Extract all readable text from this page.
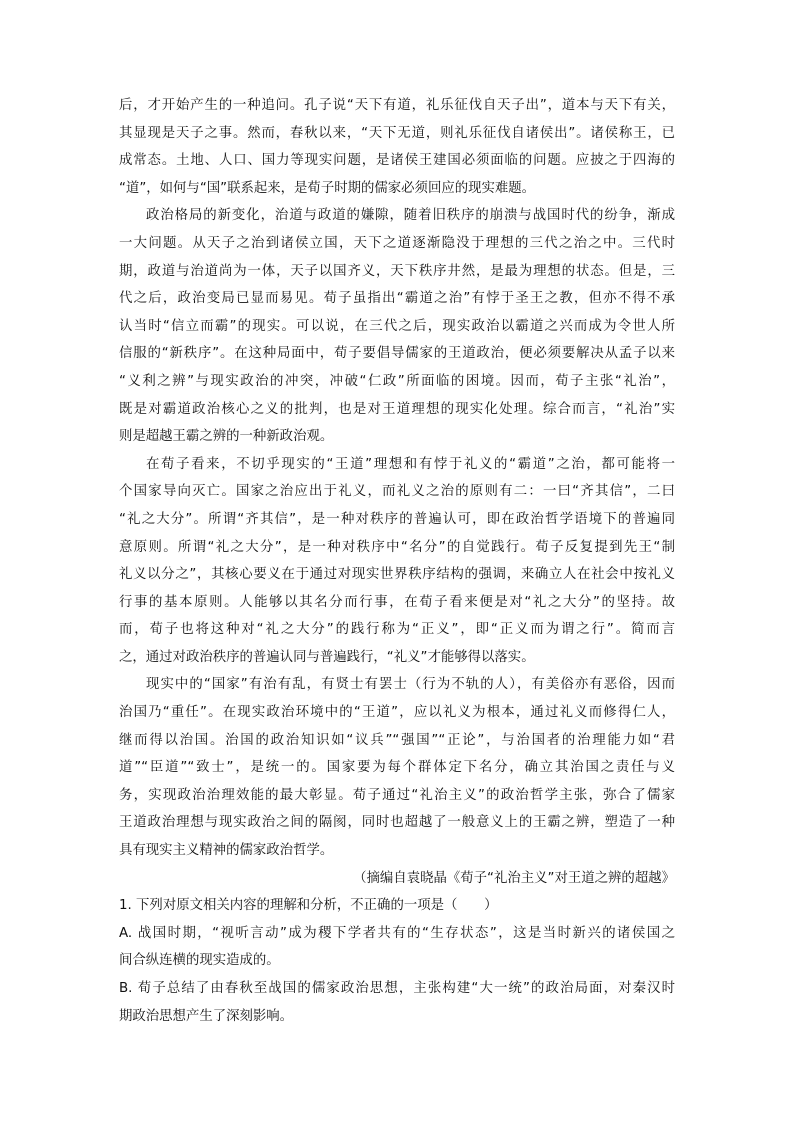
后，才开始产生的一种追问。孔子说“天下有道，礼乐征伐自天子出”，道本与天下有关，
其显现是天子之事。然而，春秋以来，“天下无道，则礼乐征伐自诸侯出”。诸侯称王，已
成常态。土地、人口、国力等现实问题，是诸侯王建国必须面临的问题。应披之于四海的
“道”，如何与“国”联系起来，是荀子时期的儒家必须回应的现实难题。
政治格局的新变化，治道与政道的嫌隙，随着旧秩序的崩溃与战国时代的纷争，渐成
一大问题。从天子之治到诸侯立国，天下之道逐渐隐没于理想的三代之治之中。三代时
期，政道与治道尚为一体，天子以国齐义，天下秩序井然，是最为理想的状态。但是，三
代之后，政治变局已显而易见。荀子虽指出“霸道之治”有悖于圣王之教，但亦不得不承
认当时“信立而霸”的现实。可以说，在三代之后，现实政治以霸道之兴而成为令世人所
信服的“新秩序”。在这种局面中，荀子要倡导儒家的王道政治，便必须要解决从孟子以来
“义利之辨”与现实政治的冲突，冲破“仁政”所面临的困境。因而，荀子主张“礼治”，
既是对霸道政治核心之义的批判，也是对王道理想的现实化处理。综合而言，“礼治”实
则是超越王霸之辨的一种新政治观。
在荀子看来，不切乎现实的“王道”理想和有悖于礼义的“霸道”之治，都可能将一
个国家导向灭亡。国家之治应出于礼义，而礼义之治的原则有二：一曰“齐其信”，二曰
“礼之大分”。所谓“齐其信”，是一种对秩序的普遍认可，即在政治哲学语境下的普遍同
意原则。所谓“礼之大分”，是一种对秩序中“名分”的自觉践行。荀子反复提到先王“制
礼义以分之”，其核心要义在于通过对现实世界秩序结构的强调，来确立人在社会中按礼义
行事的基本原则。人能够以其名分而行事，在荀子看来便是对“礼之大分”的坚持。故
而，荀子也将这种对“礼之大分”的践行称为“正义”，即“正义而为谓之行”。简而言
之，通过对政治秩序的普遍认同与普遍践行，“礼义”才能够得以落实。
现实中的“国家”有治有乱，有贤士有罢士（行为不轨的人），有美俗亦有恶俗，因而
治国乃“重任”。在现实政治环境中的“王道”，应以礼义为根本，通过礼义而修得仁人，
继而得以治国。治国的政治知识如“议兵”“强国”“正论”，与治国者的治理能力如“君
道”“臣道”“致士”，是统一的。国家要为每个群体定下名分，确立其治国之责任与义
务，实现政治治理效能的最大彰显。荀子通过“礼治主义”的政治哲学主张，弥合了儒家
王道政治理想与现实政治之间的隔阂，同时也超越了一般意义上的王霸之辨，塑造了一种
具有现实主义精神的儒家政治哲学。
（摘编自袁晓晶《荀子“礼治主义”对王道之辨的超越》
1. 下列对原文相关内容的理解和分析，不正确的一项是（　　）
A. 战国时期，“视听言动”成为稷下学者共有的“生存状态”，这是当时新兴的诸侯国之
间合纵连横的现实造成的。
B. 荀子总结了由春秋至战国的儒家政治思想，主张构建“大一统”的政治局面，对秦汉时
期政治思想产生了深刻影响。
